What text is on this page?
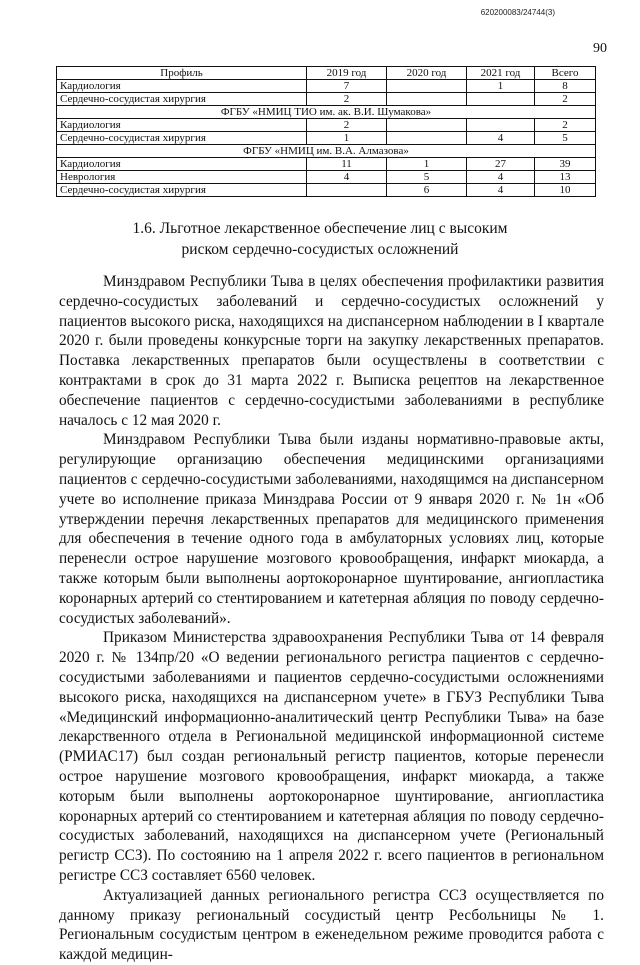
620200083/24744(3)
90
Профиль	2019 год	2020 год	2021 год	Всего
Кардиология	7		1	8
Сердечно-сосудистая хирургия	2			2
ФГБУ «НМИЦ ТИО им. ак. В.И. Шумакова»				
Кардиология	2			2
Сердечно-сосудистая хирургия	1		4	5
ФГБУ «НМИЦ им. В.А. Алмазова»				
Кардиология	11	1	27	39
Неврология	4	5	4	13
Сердечно-сосудистая хирургия		6	4	10
1.6. Льготное лекарственное обеспечение лиц с высоким
риском сердечно-сосудистых осложнений

Минздравом Республики Тыва в целях обеспечения профилактики развития сердечно-сосудистых заболеваний и сердечно-сосудистых осложнений у пациентов высокого риска, находящихся на диспансерном наблюдении в I квартале 2020 г. были проведены конкурсные торги на закупку лекарственных препаратов. Поставка лекарственных препаратов были осуществлены в соответствии с контрактами в срок до 31 марта 2022 г. Выписка рецептов на лекарственное обеспечение пациентов с сердечно-сосудистыми заболеваниями в республике началось с 12 мая 2020 г.

Минздравом Республики Тыва были изданы нормативно-правовые акты, регулирующие организацию обеспечения медицинскими организациями пациентов с сердечно-сосудистыми заболеваниями, находящимся на диспансерном учете во исполнение приказа Минздрава России от 9 января 2020 г. № 1н «Об утверждении перечня лекарственных препаратов для медицинского применения для обеспечения в течение одного года в амбулаторных условиях лиц, которые перенесли острое нарушение мозгового кровообращения, инфаркт миокарда, а также которым были выполнены аортокоронарное шунтирование, ангиопластика коронарных артерий со стентированием и катетерная абляция по поводу сердечно-сосудистых заболеваний».

Приказом Министерства здравоохранения Республики Тыва от 14 февраля 2020 г. № 134пр/20 «О ведении регионального регистра пациентов с сердечно-сосудистыми заболеваниями и пациентов сердечно-сосудистыми осложнениями высокого риска, находящихся на диспансерном учете» в ГБУЗ Республики Тыва «Медицинский информационно-аналитический центр Республики Тыва» на базе лекарственного отдела в Региональной медицинской информационной системе (РМИАС17) был создан региональный регистр пациентов, которые перенесли острое нарушение мозгового кровообращения, инфаркт миокарда, а также которым были выполнены аортокоронарное шунтирование, ангиопластика коронарных артерий со стентированием и катетерная абляция по поводу сердечно-сосудистых заболеваний, находящихся на диспансерном учете (Региональный регистр ССЗ). По состоянию на 1 апреля 2022 г. всего пациентов в региональном регистре ССЗ составляет 6560 человек.

Актуализацией данных регионального регистра ССЗ осуществляется по данному приказу региональный сосудистый центр Ресбольницы № 1. Региональным сосудистым центром в еженедельном режиме проводится работа с каждой медицин-
